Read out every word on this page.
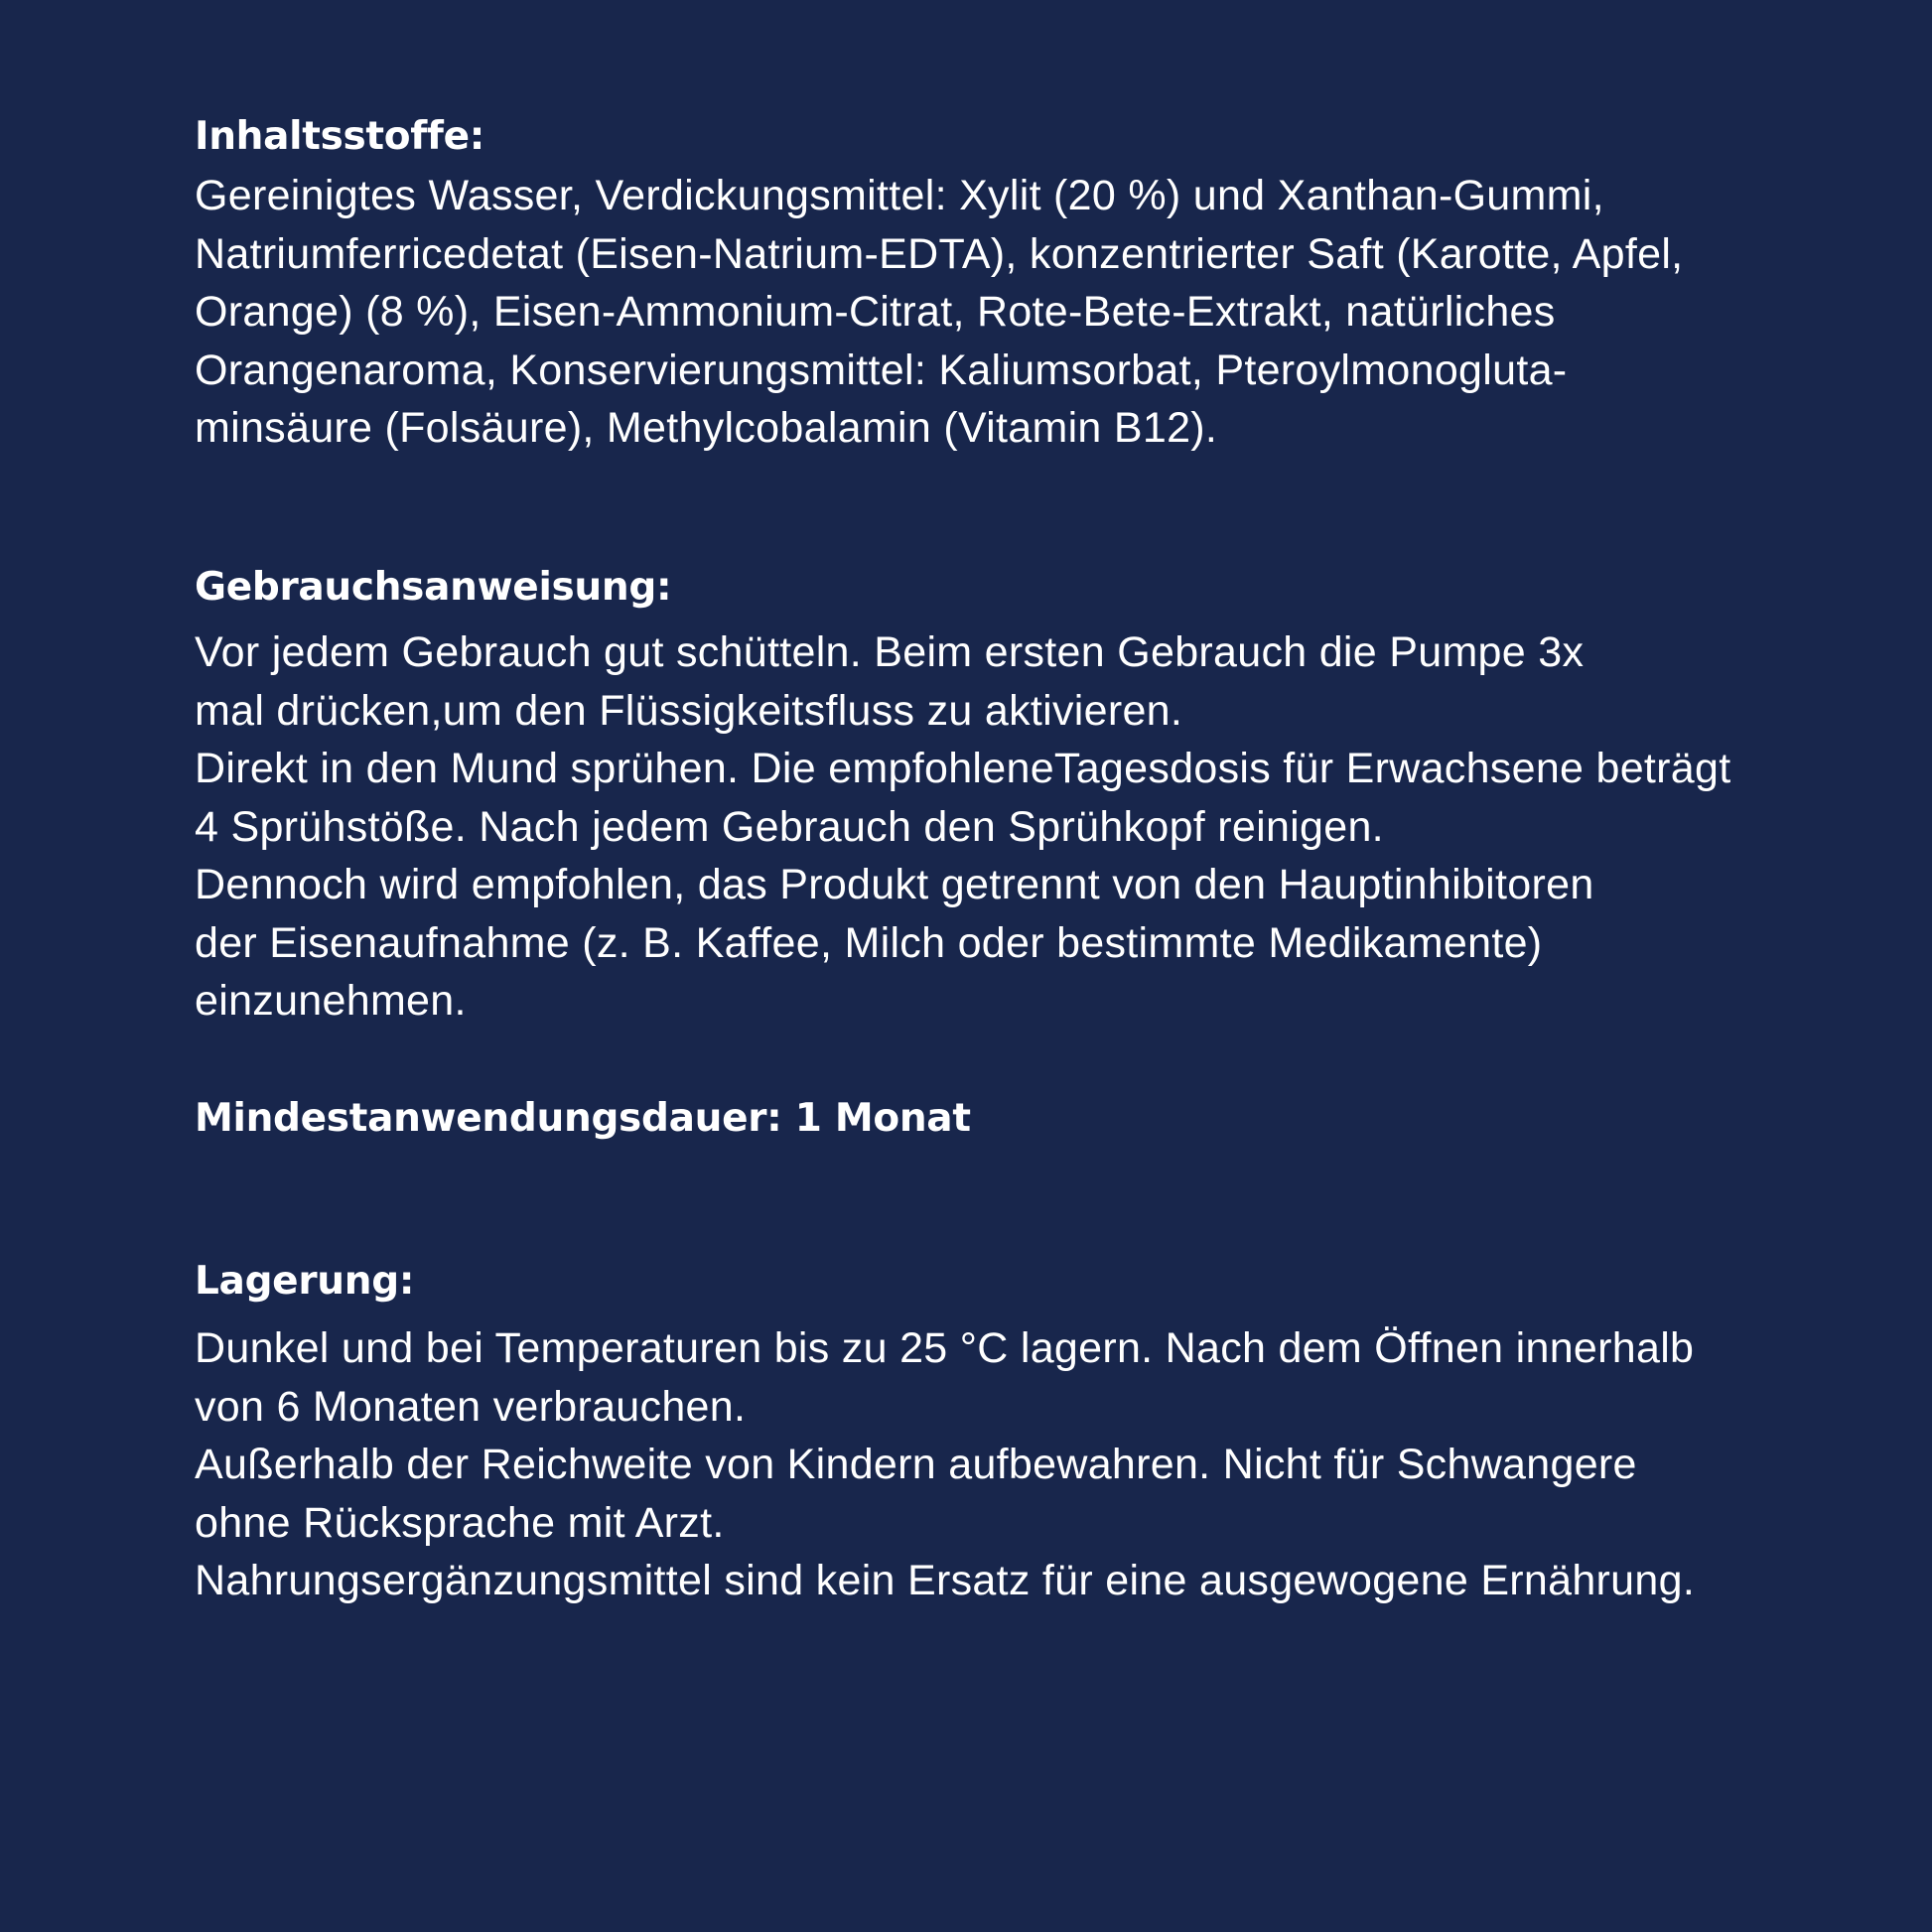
Inhaltsstoffe:

Gereinigtes Wasser, Verdickungsmittel: Xylit (20 %) und Xanthan-Gummi,
Natriumferricedetat (Eisen-Natrium-EDTA), konzentrierter Saft (Karotte, Apfel,
Orange) (8 %), Eisen-Ammonium-Citrat, Rote-Bete-Extrakt, natürliches
Orangenaroma, Konservierungsmittel: Kaliumsorbat, Pteroylmonogluta-
minsäure (Folsäure), Methylcobalamin (Vitamin B12).

Gebrauchsanweisung:

Vor jedem Gebrauch gut schütteln. Beim ersten Gebrauch die Pumpe 3x
mal drücken,um den Flüssigkeitsfluss zu aktivieren.
Direkt in den Mund sprühen. Die empfohleneTagesdosis für Erwachsene beträgt
4 Sprühstöße. Nach jedem Gebrauch den Sprühkopf reinigen.
Dennoch wird empfohlen, das Produkt getrennt von den Hauptinhibitoren
der Eisenaufnahme (z. B. Kaffee, Milch oder bestimmte Medikamente)
einzunehmen.

Mindestanwendungsdauer: 1 Monat
Lagerung:

Dunkel und bei Temperaturen bis zu 25 °C lagern. Nach dem Öffnen innerhalb
von 6 Monaten verbrauchen.
Außerhalb der Reichweite von Kindern aufbewahren. Nicht für Schwangere
ohne Rücksprache mit Arzt.
Nahrungsergänzungsmittel sind kein Ersatz für eine ausgewogene Ernährung.
